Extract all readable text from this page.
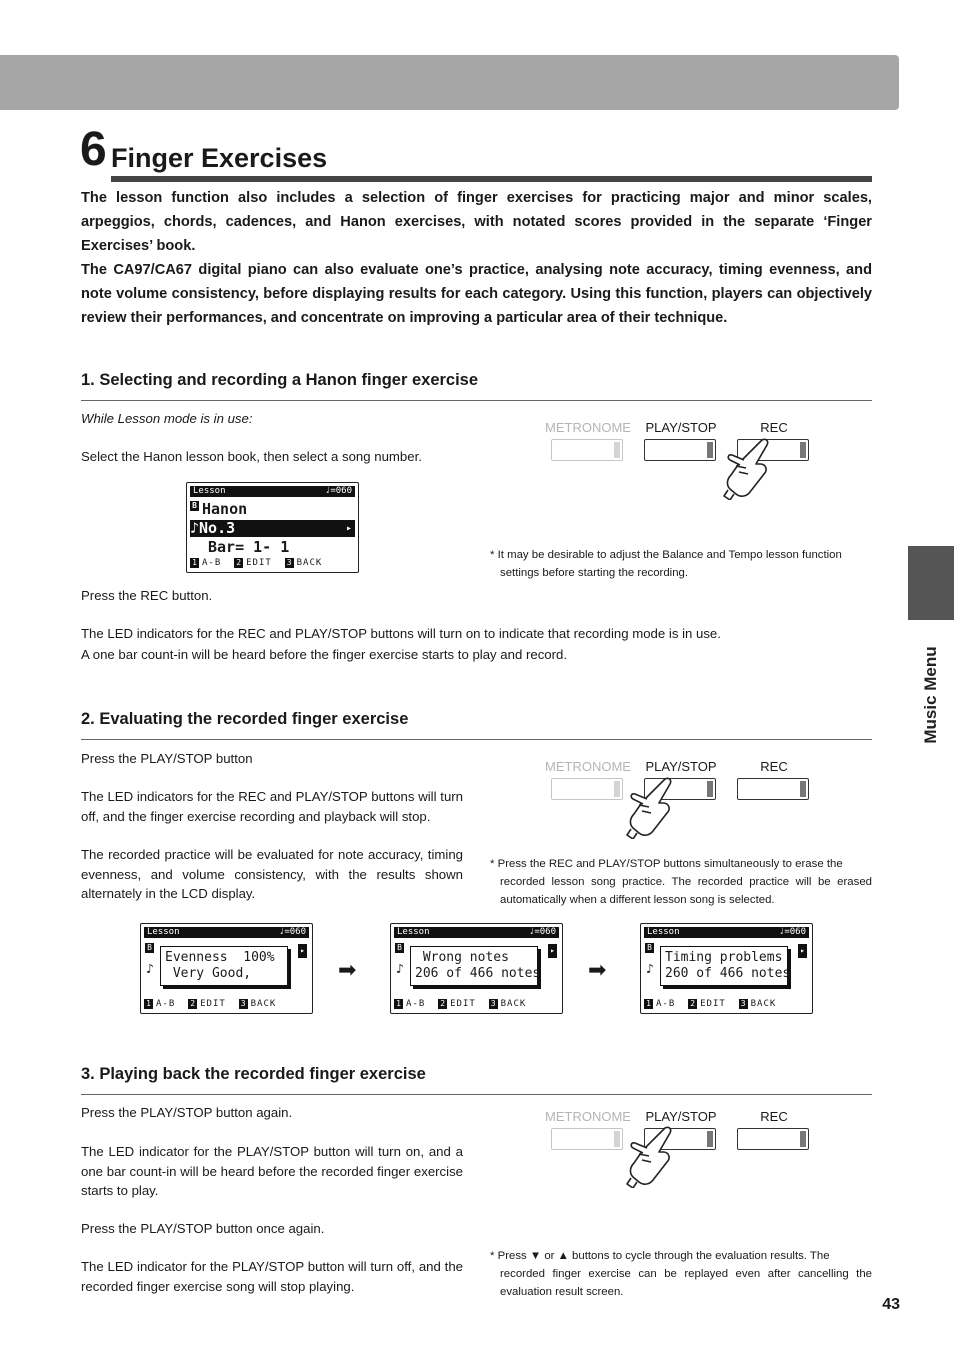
Music Menu
6 Finger Exercises
The lesson function also includes a selection of finger exercises for practicing major and minor scales, arpeggios, chords, cadences, and Hanon exercises, with notated scores provided in the separate ‘Finger Exercises’ book.
The CA97/CA67 digital piano can also evaluate one’s practice, analysing note accuracy, timing evenness, and note volume consistency, before displaying results for each category. Using this function, players can objectively review their performances, and concentrate on improving a particular area of their technique.
1. Selecting and recording a Hanon finger exercise
While Lesson mode is in use:
Select the Hanon lesson book, then select a song number.
Lesson	♩=060
B Hanon
♪No.3	▸
Bar= 1- 1
1 A-B 2 EDIT 3 BACK
METRONOME	PLAY/STOP	REC
* It may be desirable to adjust the Balance and Tempo lesson function
settings before starting the recording.
Press the REC button.
The LED indicators for the REC and PLAY/STOP buttons will turn on to indicate that recording mode is in use.
A one bar count-in will be heard before the finger exercise starts to play and record.
2. Evaluating the recorded finger exercise
Press the PLAY/STOP button
The LED indicators for the REC and PLAY/STOP buttons will turn off, and the finger exercise recording and playback will stop.
The recorded practice will be evaluated for note accuracy, timing evenness, and volume consistency, with the results shown alternately in the LCD display.
METRONOME	PLAY/STOP	REC
* Press the REC and PLAY/STOP buttons simultaneously to erase the
recorded lesson song practice. The recorded practice will be erased automatically when a different lesson song is selected.
Lesson	♩=060
B
♪
▸
Evenness  100%
Very Good,
1 A-B 2 EDIT 3 BACK
➡
Lesson	♩=060
B
♪
▸
Wrong notes
206 of 466 notes
1 A-B 2 EDIT 3 BACK
➡
Lesson	♩=060
B
♪
▸
Timing problems
260 of 466 notes
1 A-B 2 EDIT 3 BACK
3. Playing back the recorded finger exercise
Press the PLAY/STOP button again.
The LED indicator for the PLAY/STOP button will turn on, and a one bar count-in will be heard before the recorded finger exercise starts to play.
Press the PLAY/STOP button once again.
The LED indicator for the PLAY/STOP button will turn off, and the recorded finger exercise song will stop playing.
METRONOME	PLAY/STOP	REC
* Press ▼ or ▲ buttons to cycle through the evaluation results. The
recorded finger exercise can be replayed even after cancelling the evaluation result screen.
43
